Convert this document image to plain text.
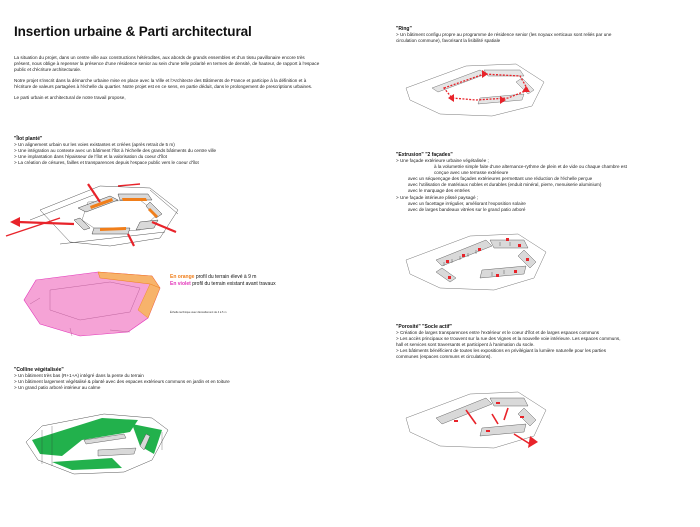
Insertion urbaine & Parti architectural

La situation du projet, dans un centre ville aux constructions hétérodites, aux abords de grands ensembles et d'un tissu pavillonaire encore très présent, nous oblige à repenser la présence d'une résidence senior au sein d'une telle polarité en termes de densité, de hauteur, de rapport à l'espace public et d'écriture architecturale.

Notre projet s'inscrit dans la démarche urbaine mise en place avec la Ville et l'Architecte des Bâtiments de France et participe à la définition et à l'écriture de valeurs partagées à l'échelle du quartier. Notre projet est en ce sens, en partie déduit, dans le prolongement de prescriptions urbaines.

Le parti urbain et architectural de notre travail propose,

"Îlot planté"
> Un alignement urbain sur les voies existantes et créées (après retrait de 5 m)
> Une intégration au contexte avec un bâtiment l'îlot à l'échelle des grands bâtiments du centre ville
> Une implantation dans l'épaisseur de l'îlot et la valorisation du coeur d'îlot
> La création de césures, failles et transparences depuis l'espace public vers le coeur d'îlot
En orange profil du terrain élevé à 9 m
En violet profil du terrain existant avant travaux
Échelle technique avec dénivellement de 4 à 5 m
"Colline végétalisée"
> Un bâtiment très bas (R+1+A) intégré dans la pente du terrain
> Un bâtiment largement végétalisé & planté avec des espaces extérieurs communs en jardin et en toiture
> Un grand patio arboré intérieur au calme
"Ring"
> Un bâtiment configu propre au programme de résidence senior (les noyaux verticaux sont reliés par une
circulation commune), favorisant la lisibilité spatiale
"Extrusion" "2 façades"
> Une façade extérieure urbaine végétalisée ;
à la volumetrie simple faite d'une alternance-rythme de plein et de vide ou chaque chambre est
conçue avec une terrasse extérieure
avec un séquençage des façades extérieures permettant une réduction de l'échelle perçue
avec l'utilisation de matériaux nobles et durables (enduit minéral, pierre, menuiserie aluminium)
avec le marquage des entrées
> Une façade intérieure plissé paysagé ;
avec un facettage irrégulier, améliorant l'exposition solaire
avec de larges bandeaux vitrées sur le grand patio arboré
"Porosité" "Socle actif"
> Création de larges transparences entre l'extérieur et le coeur d'îlot et de larges espaces communs
> Les accès principaux se trouvent sur la rue des Vignes et la nouvelle voie intérieure. Les espaces communs,
hall et services sont traversants et participent à l'animation du socle.
> Les bâtiments bénéficient de toutes les expositions en privilégiant la lumière naturelle pour les parties
communes (espaces communs et circulations).
